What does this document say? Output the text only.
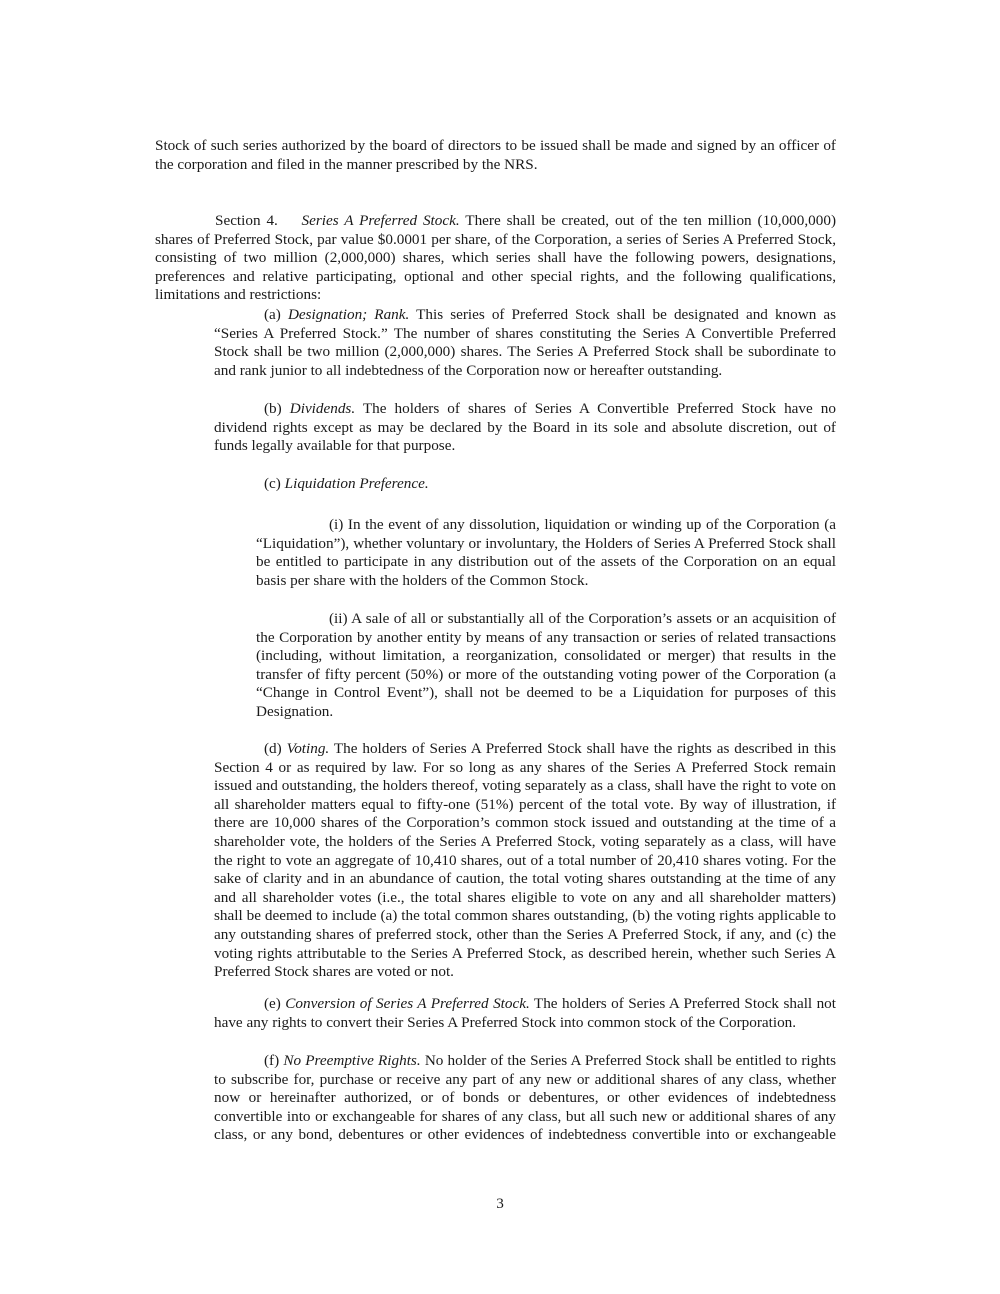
Stock of such series authorized by the board of directors to be issued shall be made and signed by an officer of the corporation and filed in the manner prescribed by the NRS.

Section 4. Series A Preferred Stock. There shall be created, out of the ten million (10,000,000) shares of Preferred Stock, par value $0.0001 per share, of the Corporation, a series of Series A Preferred Stock, consisting of two million (2,000,000) shares, which series shall have the following powers, designations, preferences and relative participating, optional and other special rights, and the following qualifications, limitations and restrictions:

(a) Designation; Rank. This series of Preferred Stock shall be designated and known as “Series A Preferred Stock.” The number of shares constituting the Series A Convertible Preferred Stock shall be two million (2,000,000) shares. The Series A Preferred Stock shall be subordinate to and rank junior to all indebtedness of the Corporation now or hereafter outstanding.

(b) Dividends. The holders of shares of Series A Convertible Preferred Stock have no dividend rights except as may be declared by the Board in its sole and absolute discretion, out of funds legally available for that purpose.

(c) Liquidation Preference.

(i) In the event of any dissolution, liquidation or winding up of the Corporation (a “Liquidation”), whether voluntary or involuntary, the Holders of Series A Preferred Stock shall be entitled to participate in any distribution out of the assets of the Corporation on an equal basis per share with the holders of the Common Stock.

(ii) A sale of all or substantially all of the Corporation’s assets or an acquisition of the Corporation by another entity by means of any transaction or series of related transactions (including, without limitation, a reorganization, consolidated or merger) that results in the transfer of fifty percent (50%) or more of the outstanding voting power of the Corporation (a “Change in Control Event”), shall not be deemed to be a Liquidation for purposes of this Designation.

(d) Voting. The holders of Series A Preferred Stock shall have the rights as described in this Section 4 or as required by law. For so long as any shares of the Series A Preferred Stock remain issued and outstanding, the holders thereof, voting separately as a class, shall have the right to vote on all shareholder matters equal to fifty-one (51%) percent of the total vote. By way of illustration, if there are 10,000 shares of the Corporation’s common stock issued and outstanding at the time of a shareholder vote, the holders of the Series A Preferred Stock, voting separately as a class, will have the right to vote an aggregate of 10,410 shares, out of a total number of 20,410 shares voting. For the sake of clarity and in an abundance of caution, the total voting shares outstanding at the time of any and all shareholder votes (i.e., the total shares eligible to vote on any and all shareholder matters) shall be deemed to include (a) the total common shares outstanding, (b) the voting rights applicable to any outstanding shares of preferred stock, other than the Series A Preferred Stock, if any, and (c) the voting rights attributable to the Series A Preferred Stock, as described herein, whether such Series A Preferred Stock shares are voted or not.

(e) Conversion of Series A Preferred Stock. The holders of Series A Preferred Stock shall not have any rights to convert their Series A Preferred Stock into common stock of the Corporation.

(f) No Preemptive Rights. No holder of the Series A Preferred Stock shall be entitled to rights to subscribe for, purchase or receive any part of any new or additional shares of any class, whether now or hereinafter authorized, or of bonds or debentures, or other evidences of indebtedness convertible into or exchangeable for shares of any class, but all such new or additional shares of any class, or any bond, debentures or other evidences of indebtedness convertible into or exchangeable

3
